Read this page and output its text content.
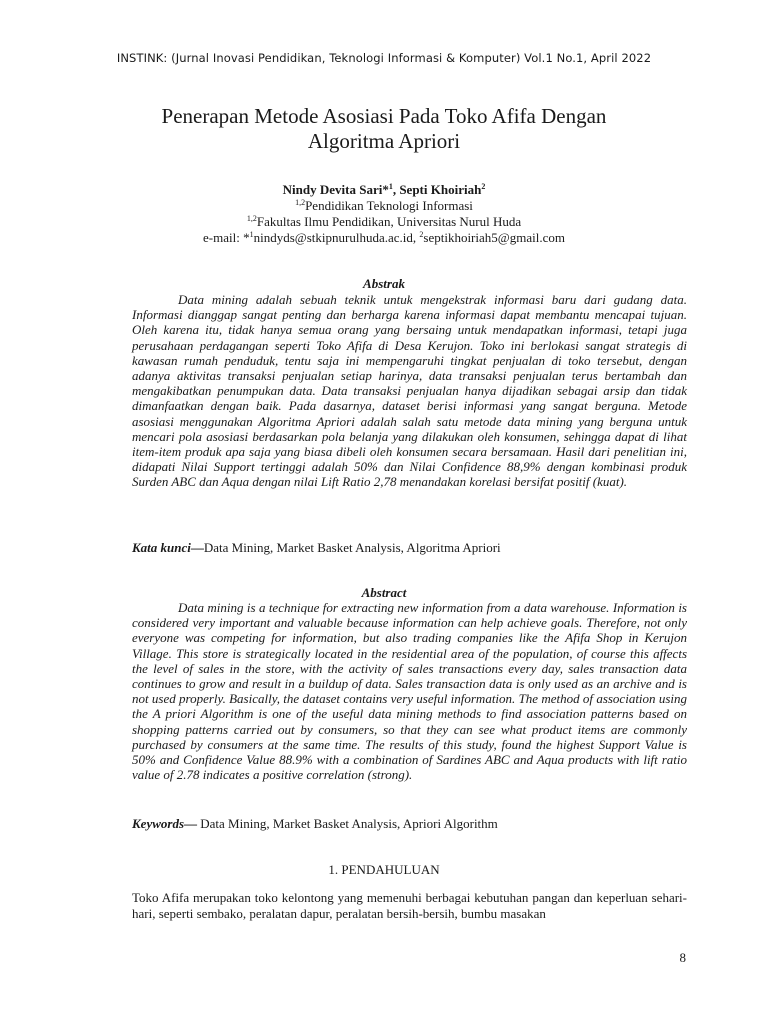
INSTINK: (Jurnal Inovasi Pendidikan, Teknologi Informasi & Komputer) Vol.1 No.1, April 2022
Penerapan Metode Asosiasi Pada Toko Afifa Dengan Algoritma Apriori
Nindy Devita Sari*$^1$, Septi Khoiriah$^2$
$^{1,2}$Pendidikan Teknologi Informasi
$^{1,2}$Fakultas Ilmu Pendidikan, Universitas Nurul Huda
e-mail: *$^1$nindyds@stkipnurulhuda.ac.id, $^2$septikhoiriah5@gmail.com
Abstrak
Data mining adalah sebuah teknik untuk mengekstrak informasi baru dari gudang data. Informasi dianggap sangat penting dan berharga karena informasi dapat membantu mencapai tujuan. Oleh karena itu, tidak hanya semua orang yang bersaing untuk mendapatkan informasi, tetapi juga perusahaan perdagangan seperti Toko Afifa di Desa Kerujon. Toko ini berlokasi sangat strategis di kawasan rumah penduduk, tentu saja ini mempengaruhi tingkat penjualan di toko tersebut, dengan adanya aktivitas transaksi penjualan setiap harinya, data transaksi penjualan terus bertambah dan mengakibatkan penumpukan data. Data transaksi penjualan hanya dijadikan sebagai arsip dan tidak dimanfaatkan dengan baik. Pada dasarnya, dataset berisi informasi yang sangat berguna. Metode asosiasi menggunakan Algoritma Apriori adalah salah satu metode data mining yang berguna untuk mencari pola asosiasi berdasarkan pola belanja yang dilakukan oleh konsumen, sehingga dapat di lihat item-item produk apa saja yang biasa dibeli oleh konsumen secara bersamaan. Hasil dari penelitian ini, didapati Nilai Support tertinggi adalah 50% dan Nilai Confidence 88,9% dengan kombinasi produk Surden ABC dan Aqua dengan nilai Lift Ratio 2,78 menandakan korelasi bersifat positif (kuat).
Kata kunci—Data Mining, Market Basket Analysis, Algoritma Apriori
Abstract
Data mining is a technique for extracting new information from a data warehouse. Information is considered very important and valuable because information can help achieve goals. Therefore, not only everyone was competing for information, but also trading companies like the Afifa Shop in Kerujon Village. This store is strategically located in the residential area of the population, of course this affects the level of sales in the store, with the activity of sales transactions every day, sales transaction data continues to grow and result in a buildup of data. Sales transaction data is only used as an archive and is not used properly. Basically, the dataset contains very useful information. The method of association using the A priori Algorithm is one of the useful data mining methods to find association patterns based on shopping patterns carried out by consumers, so that they can see what product items are commonly purchased by consumers at the same time. The results of this study, found the highest Support Value is 50% and Confidence Value 88.9% with a combination of Sardines ABC and Aqua products with lift ratio value of 2.78 indicates a positive correlation (strong).
Keywords— Data Mining, Market Basket Analysis, Apriori Algorithm
1. PENDAHULUAN
Toko Afifa merupakan toko kelontong yang memenuhi berbagai kebutuhan pangan dan keperluan sehari-hari, seperti sembako, peralatan dapur, peralatan bersih-bersih, bumbu masakan
8
